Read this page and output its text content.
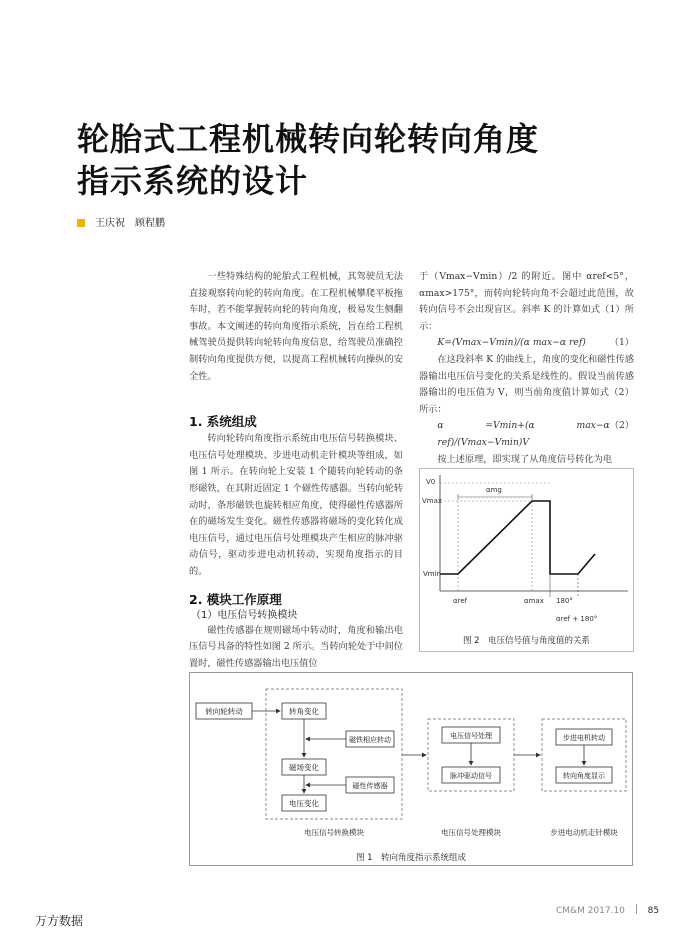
轮胎式工程机械转向轮转向角度
指示系统的设计
王庆祝　顾程鹏

一些特殊结构的轮胎式工程机械，其驾驶员无法直接观察转向轮的转向角度。在工程机械攀爬平板拖车时，若不能掌握转向轮的转向角度，极易发生侧翻事故。本文阐述的转向角度指示系统，旨在给工程机械驾驶员提供转向轮转向角度信息，给驾驶员准确控制转向角度提供方便，以提高工程机械转向操纵的安全性。

1. 系统组成

转向轮转向角度指示系统由电压信号转换模块、电压信号处理模块、步进电动机走针模块等组成，如图 1 所示。在转向轮上安装 1 个随转向轮转动的条形磁铁，在其附近固定 1 个磁性传感器。当转向轮转动时，条形磁铁也旋转相应角度，使得磁性传感器所在的磁场发生变化。磁性传感器将磁场的变化转化成电压信号，通过电压信号处理模块产生相应的脉冲驱动信号，驱动步进电动机转动，实现角度指示的目的。

2. 模块工作原理
（1）电压信号转换模块

磁性传感器在规则磁场中转动时，角度和输出电压信号具备的特性如图 2 所示。当转向轮处于中间位置时，磁性传感器输出电压值位

于（Vmax−Vmin）/2 的附近。图中 αref<5°，αmax>175°，而转向轮转向角不会超过此范围，故转向信号不会出现盲区。斜率 K 的计算如式（1）所示：

K=(Vmax−Vmin)/(α max−α ref)	（1）

在这段斜率 K 的曲线上，角度的变化和磁性传感器输出电压信号变化的关系是线性的。假设当前传感器输出的电压值为 V，则当前角度值计算如式（2）所示：

α =Vmin+(α max−α ref)/(Vmax−Vmin)V
（2）

按上述原理，即实现了从角度信号转化为电

V0
Vmax
Vmin
αmg
αref	αmax 180°
αref + 180°
图 2　电压信号值与角度值的关系
转向轮转动	转角变化
磁铁相应转动
磁场变化
磁性传感器
电压变化
电压信号处理
脉冲驱动信号
步进电机转动
转向角度显示
电压信号转换模块	电压信号处理模块	步进电动机走针模块
图 1　转向角度指示系统组成
CM&M 2017.10	85
万方数据
